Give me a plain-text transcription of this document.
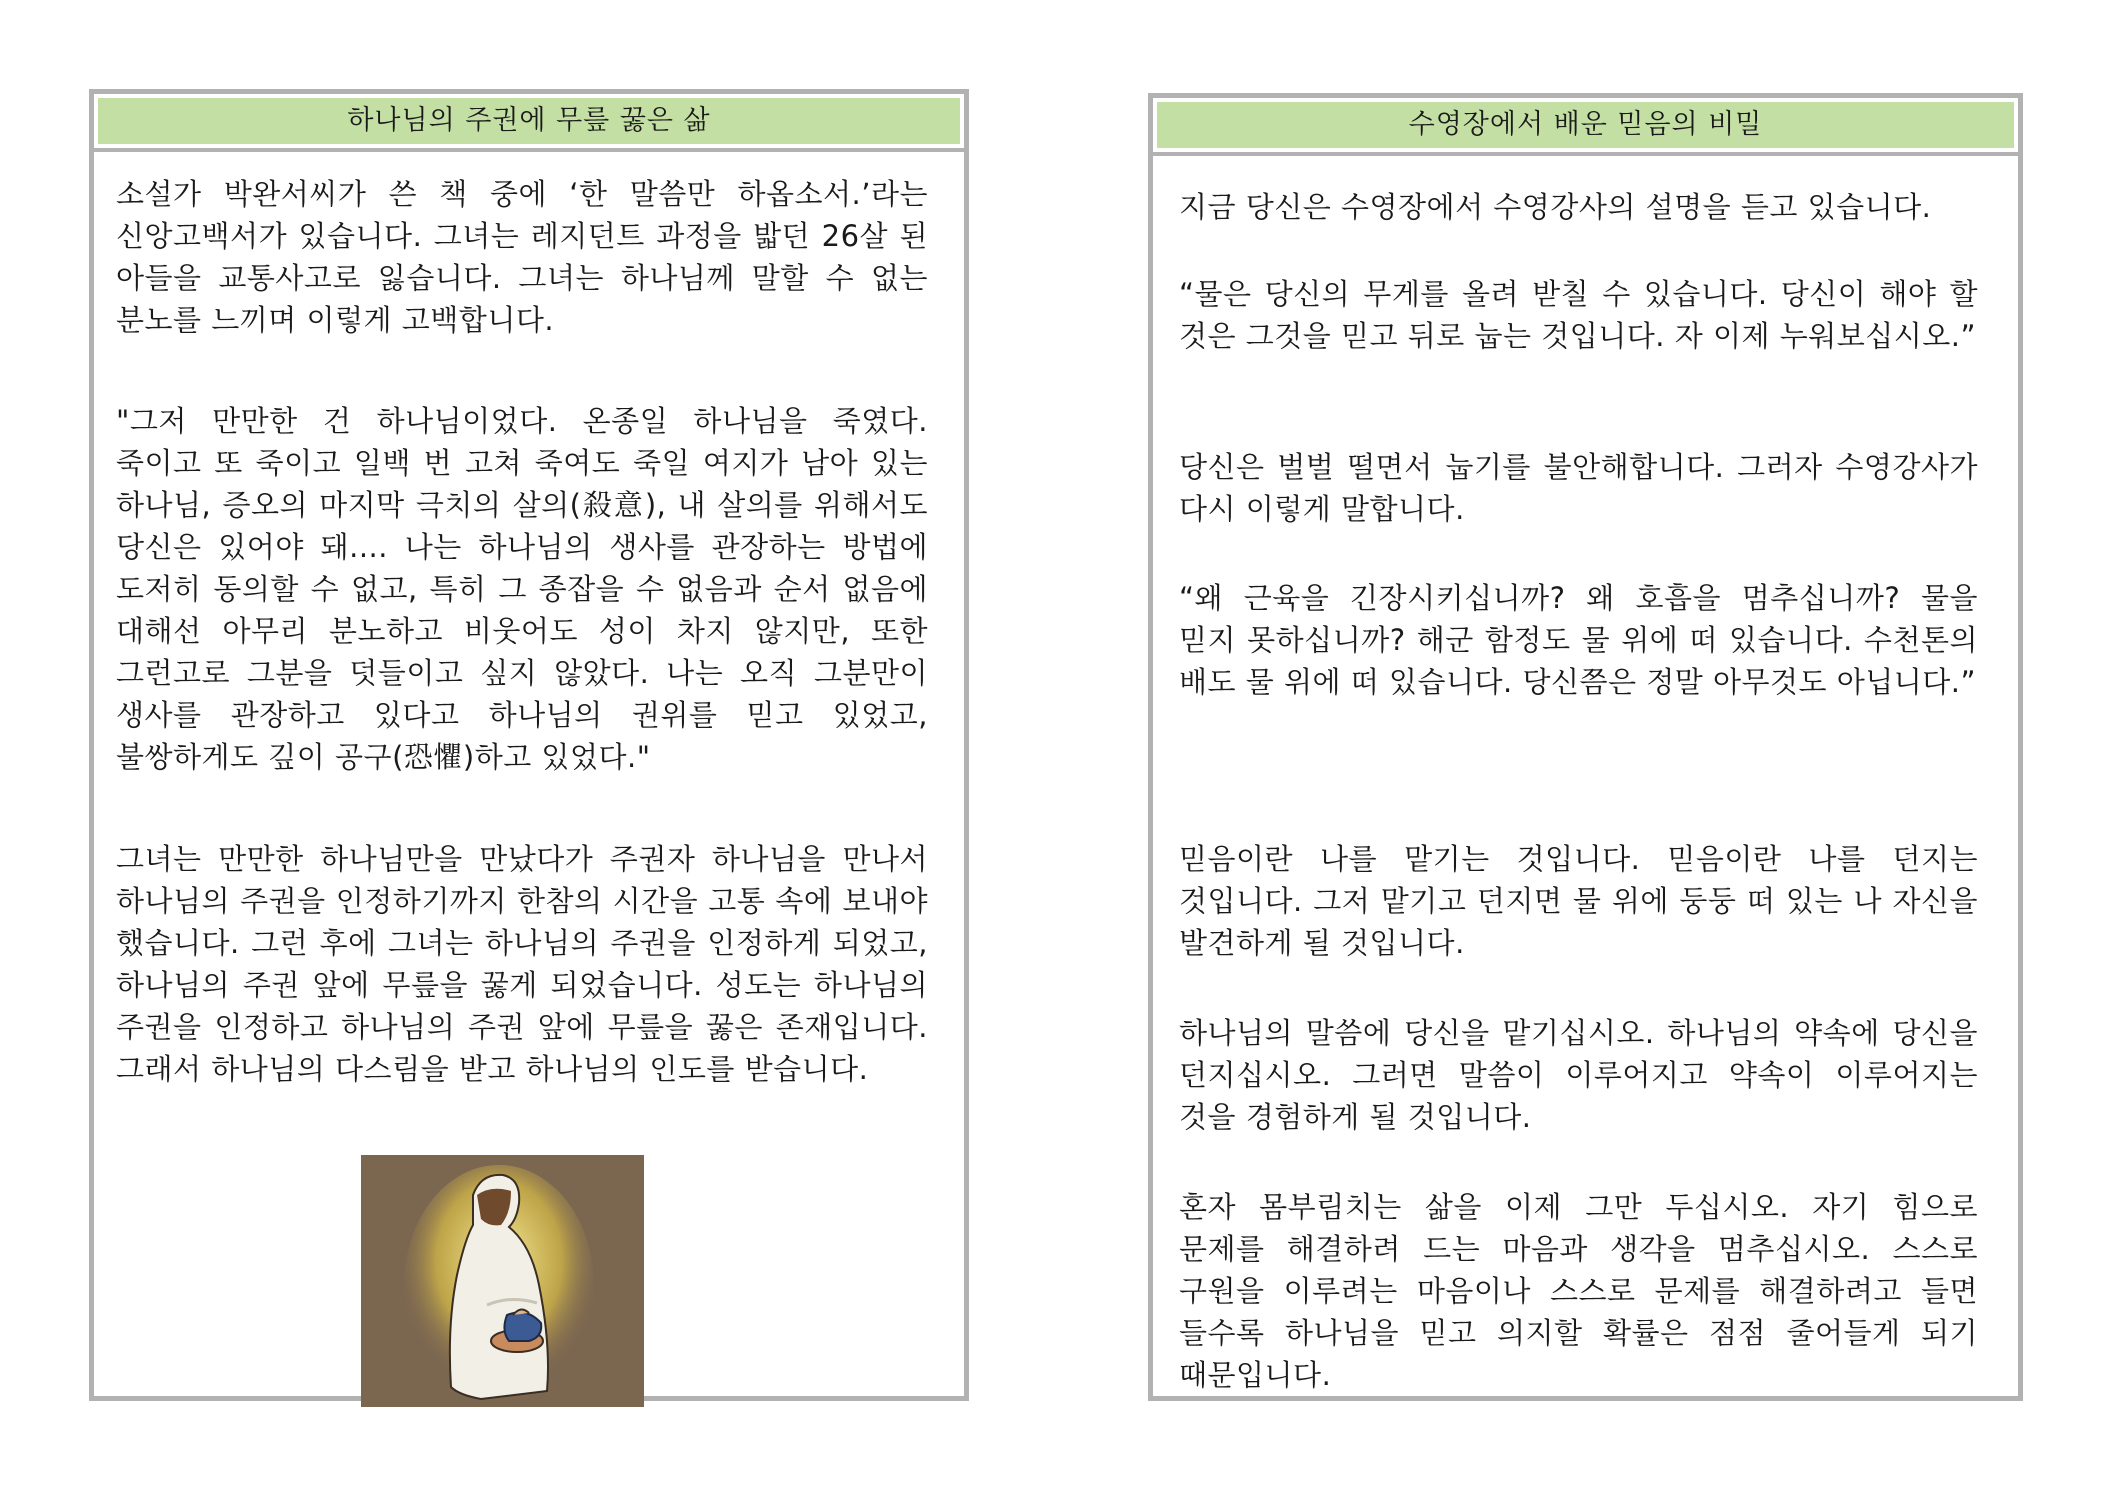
하나님의 주권에 무릎 꿇은 삶

소설가 박완서씨가 쓴 책 중에 ‘한 말씀만 하옵소서.’라는 신앙고백서가 있습니다. 그녀는 레지던트 과정을 밟던 26살 된 아들을 교통사고로 잃습니다. 그녀는 하나님께 말할 수 없는 분노를 느끼며 이렇게 고백합니다.

"그저 만만한 건 하나님이었다. 온종일 하나님을 죽였다. 죽이고 또 죽이고 일백 번 고쳐 죽여도 죽일 여지가 남아 있는 하나님, 증오의 마지막 극치의 살의(殺意), 내 살의를 위해서도 당신은 있어야 돼.... 나는 하나님의 생사를 관장하는 방법에 도저히 동의할 수 없고, 특히 그 종잡을 수 없음과 순서 없음에 대해선 아무리 분노하고 비웃어도 성이 차지 않지만, 또한 그런고로 그분을 덧들이고 싶지 않았다. 나는 오직 그분만이 생사를 관장하고 있다고 하나님의 권위를 믿고 있었고, 불쌍하게도 깊이 공구(恐懼)하고 있었다."

그녀는 만만한 하나님만을 만났다가 주권자 하나님을 만나서 하나님의 주권을 인정하기까지 한참의 시간을 고통 속에 보내야 했습니다. 그런 후에 그녀는 하나님의 주권을 인정하게 되었고, 하나님의 주권 앞에 무릎을 꿇게 되었습니다. 성도는 하나님의 주권을 인정하고 하나님의 주권 앞에 무릎을 꿇은 존재입니다. 그래서 하나님의 다스림을 받고 하나님의 인도를 받습니다.

수영장에서 배운 믿음의 비밀

지금 당신은 수영장에서 수영강사의 설명을 듣고 있습니다.

“물은 당신의 무게를 올려 받칠 수 있습니다. 당신이 해야 할 것은 그것을 믿고 뒤로 눕는 것입니다. 자 이제 누워보십시오.”

당신은 벌벌 떨면서 눕기를 불안해합니다. 그러자 수영강사가 다시 이렇게 말합니다.

“왜 근육을 긴장시키십니까? 왜 호흡을 멈추십니까? 물을 믿지 못하십니까? 해군 함정도 물 위에 떠 있습니다. 수천톤의 배도 물 위에 떠 있습니다. 당신쯤은 정말 아무것도 아닙니다.”

믿음이란 나를 맡기는 것입니다. 믿음이란 나를 던지는 것입니다. 그저 맡기고 던지면 물 위에 둥둥 떠 있는 나 자신을 발견하게 될 것입니다.

하나님의 말씀에 당신을 맡기십시오. 하나님의 약속에 당신을 던지십시오. 그러면 말씀이 이루어지고 약속이 이루어지는 것을 경험하게 될 것입니다.

혼자 몸부림치는 삶을 이제 그만 두십시오. 자기 힘으로 문제를 해결하려 드는 마음과 생각을 멈추십시오. 스스로 구원을 이루려는 마음이나 스스로 문제를 해결하려고 들면 들수록 하나님을 믿고 의지할 확률은 점점 줄어들게 되기 때문입니다.
